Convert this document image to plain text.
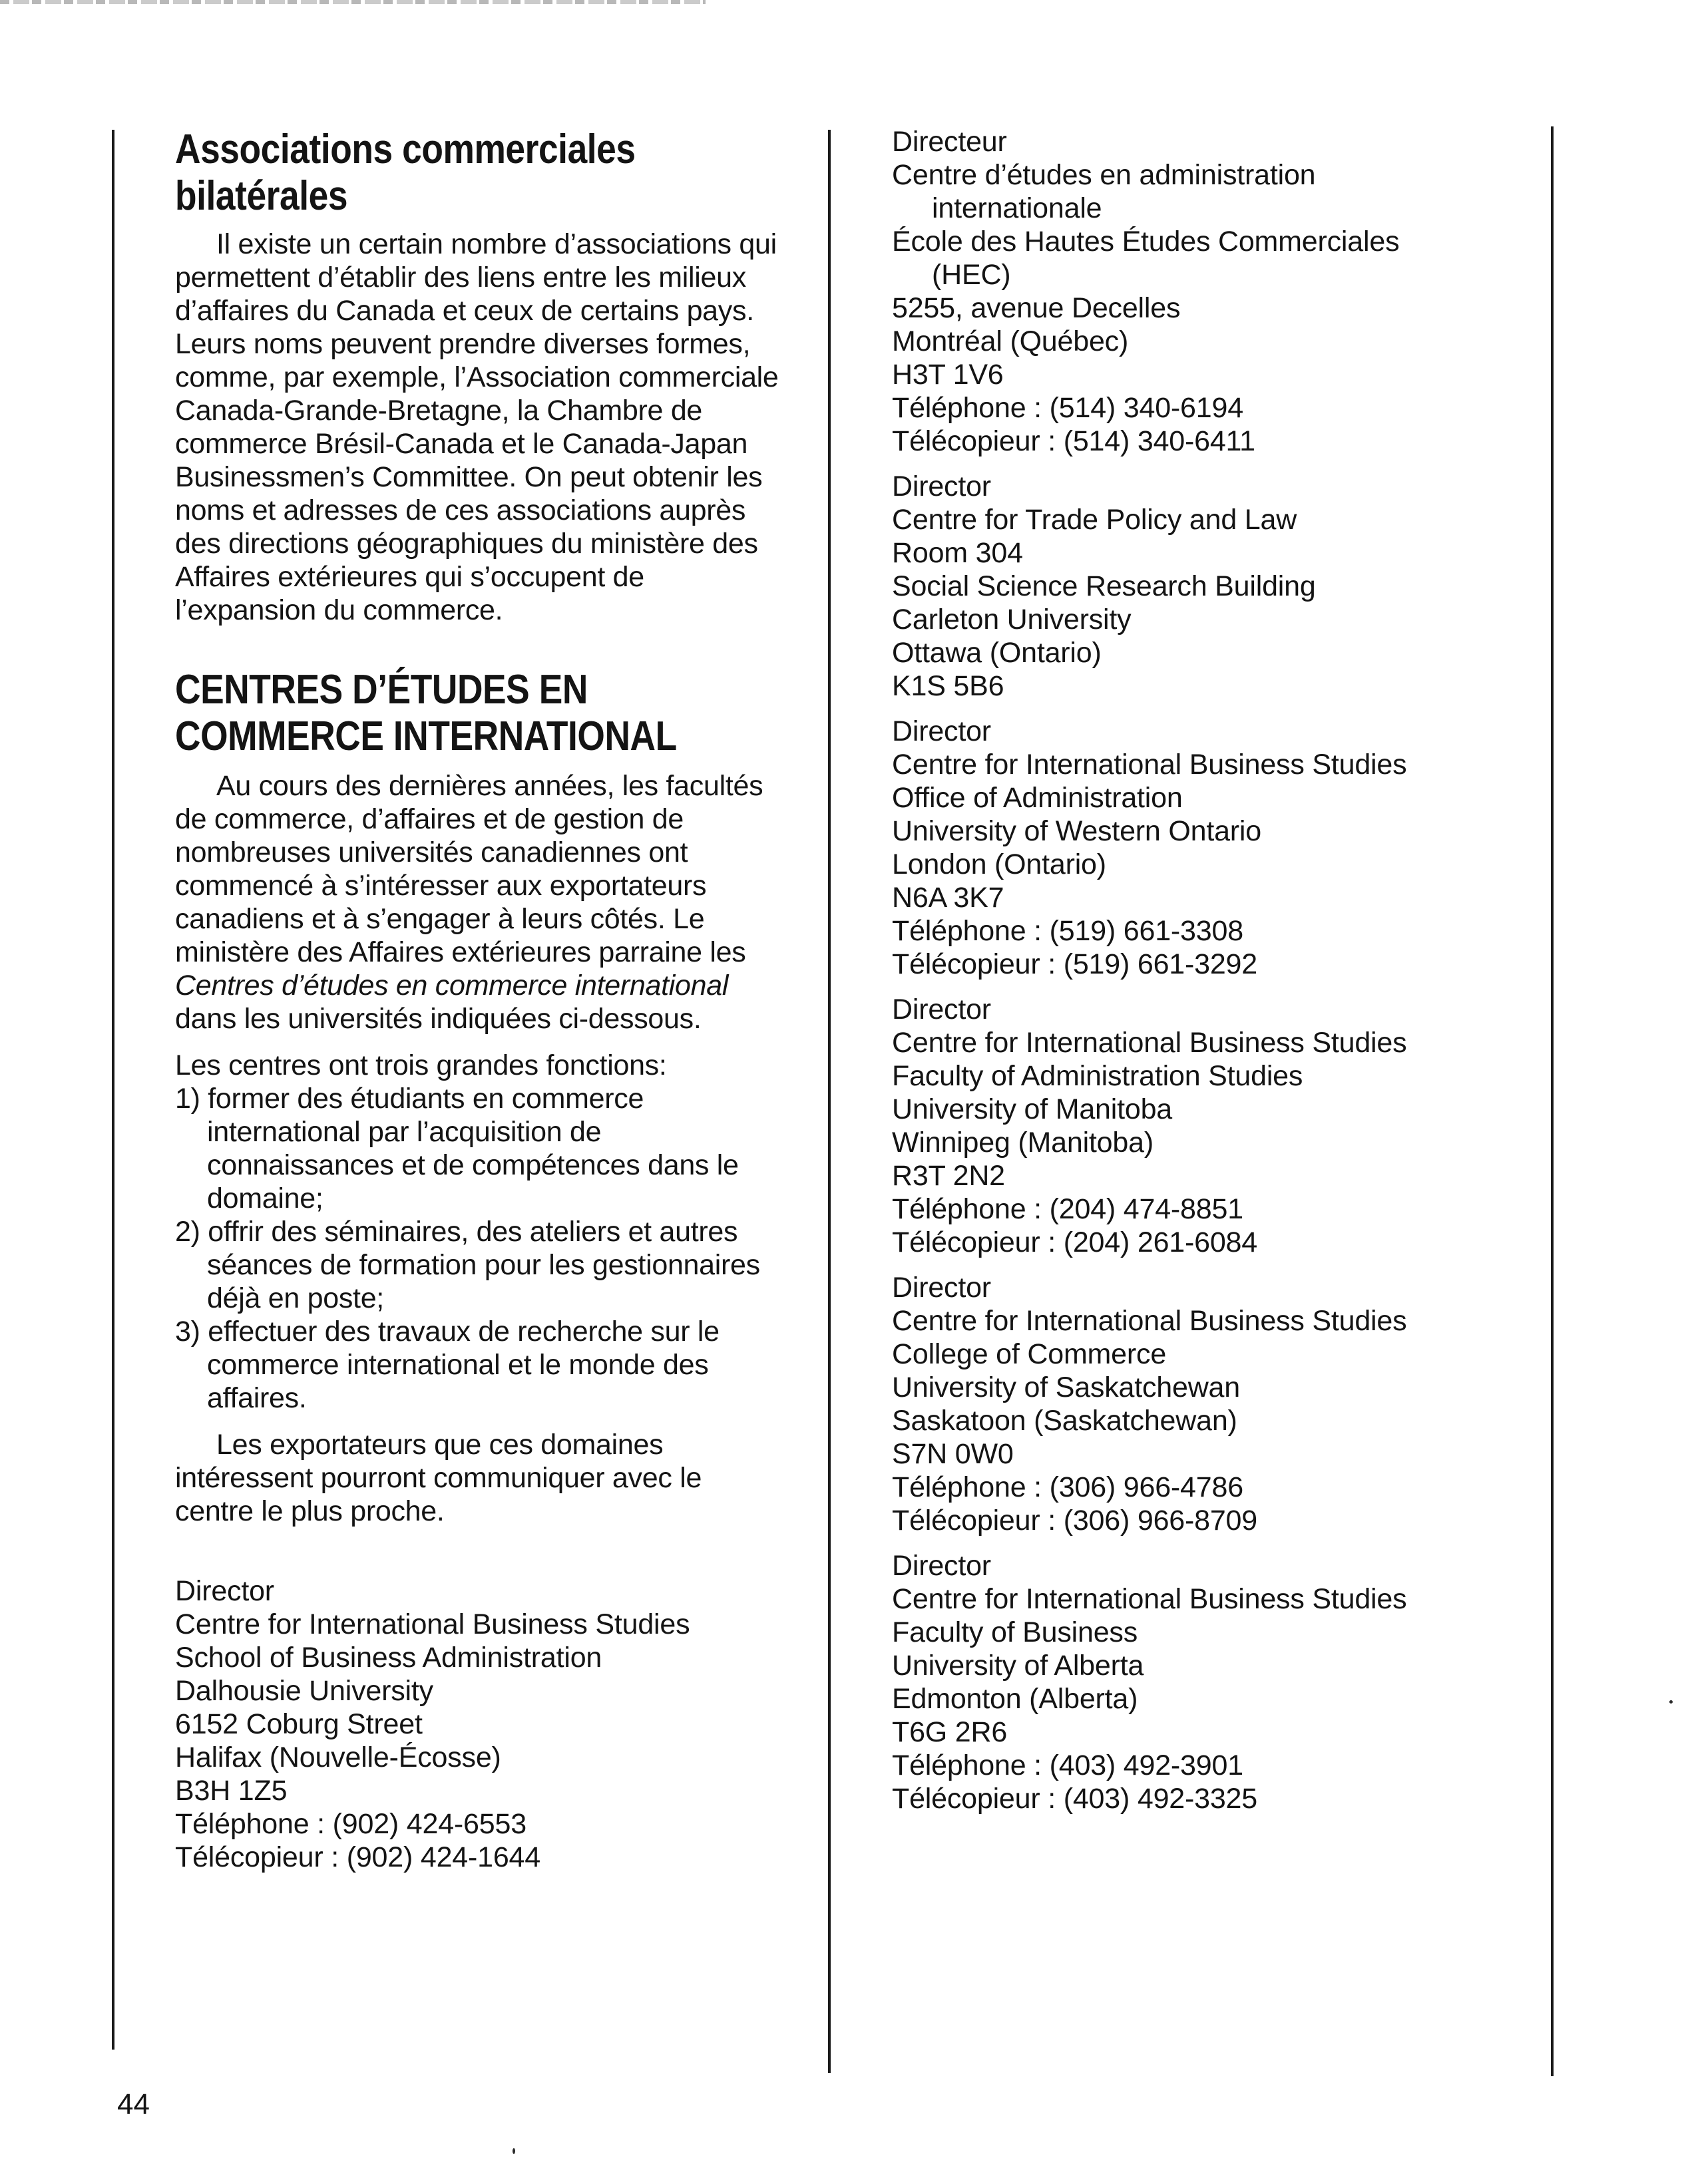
Associations commerciales
bilatérales

Il existe un certain nombre d’associations qui permettent d’établir des liens entre les milieux d’affaires du Canada et ceux de certains pays. Leurs noms peuvent prendre diverses formes, comme, par exemple, l’Association commerciale Canada-Grande-Bretagne, la Chambre de commerce Brésil-Canada et le Canada-Japan Businessmen’s Committee. On peut obtenir les noms et adresses de ces associations auprès des directions géographiques du ministère des Affaires extérieures qui s’occupent de l’expansion du commerce.

CENTRES D’ÉTUDES EN
COMMERCE INTERNATIONAL

Au cours des dernières années, les facultés de commerce, d’affaires et de gestion de nombreuses universités canadiennes ont commencé à s’intéresser aux exportateurs canadiens et à s’engager à leurs côtés. Le ministère des Affaires extérieures parraine les Centres d’études en commerce international dans les universités indiquées ci-dessous.

Les centres ont trois grandes fonctions:

1) former des étudiants en commerce international par l’acquisition de connaissances et de compétences dans le domaine;

2) offrir des séminaires, des ateliers et autres séances de formation pour les gestionnaires déjà en poste;

3) effectuer des travaux de recherche sur le commerce international et le monde des affaires.

Les exportateurs que ces domaines intéressent pourront communiquer avec le centre le plus proche.

Director
Centre for International Business Studies
School of Business Administration
Dalhousie University
6152 Coburg Street
Halifax (Nouvelle-Écosse)
B3H 1Z5
Téléphone : (902) 424-6553
Télécopieur : (902) 424-1644
Directeur
Centre d’études en administration
internationale
École des Hautes Études Commerciales
(HEC)
5255, avenue Decelles
Montréal (Québec)
H3T 1V6
Téléphone : (514) 340-6194
Télécopieur : (514) 340-6411
Director
Centre for Trade Policy and Law
Room 304
Social Science Research Building
Carleton University
Ottawa (Ontario)
K1S 5B6
Director
Centre for International Business Studies
Office of Administration
University of Western Ontario
London (Ontario)
N6A 3K7
Téléphone : (519) 661-3308
Télécopieur : (519) 661-3292
Director
Centre for International Business Studies
Faculty of Administration Studies
University of Manitoba
Winnipeg (Manitoba)
R3T 2N2
Téléphone : (204) 474-8851
Télécopieur : (204) 261-6084
Director
Centre for International Business Studies
College of Commerce
University of Saskatchewan
Saskatoon (Saskatchewan)
S7N 0W0
Téléphone : (306) 966-4786
Télécopieur : (306) 966-8709
Director
Centre for International Business Studies
Faculty of Business
University of Alberta
Edmonton (Alberta)
T6G 2R6
Téléphone : (403) 492-3901
Télécopieur : (403) 492-3325
44
